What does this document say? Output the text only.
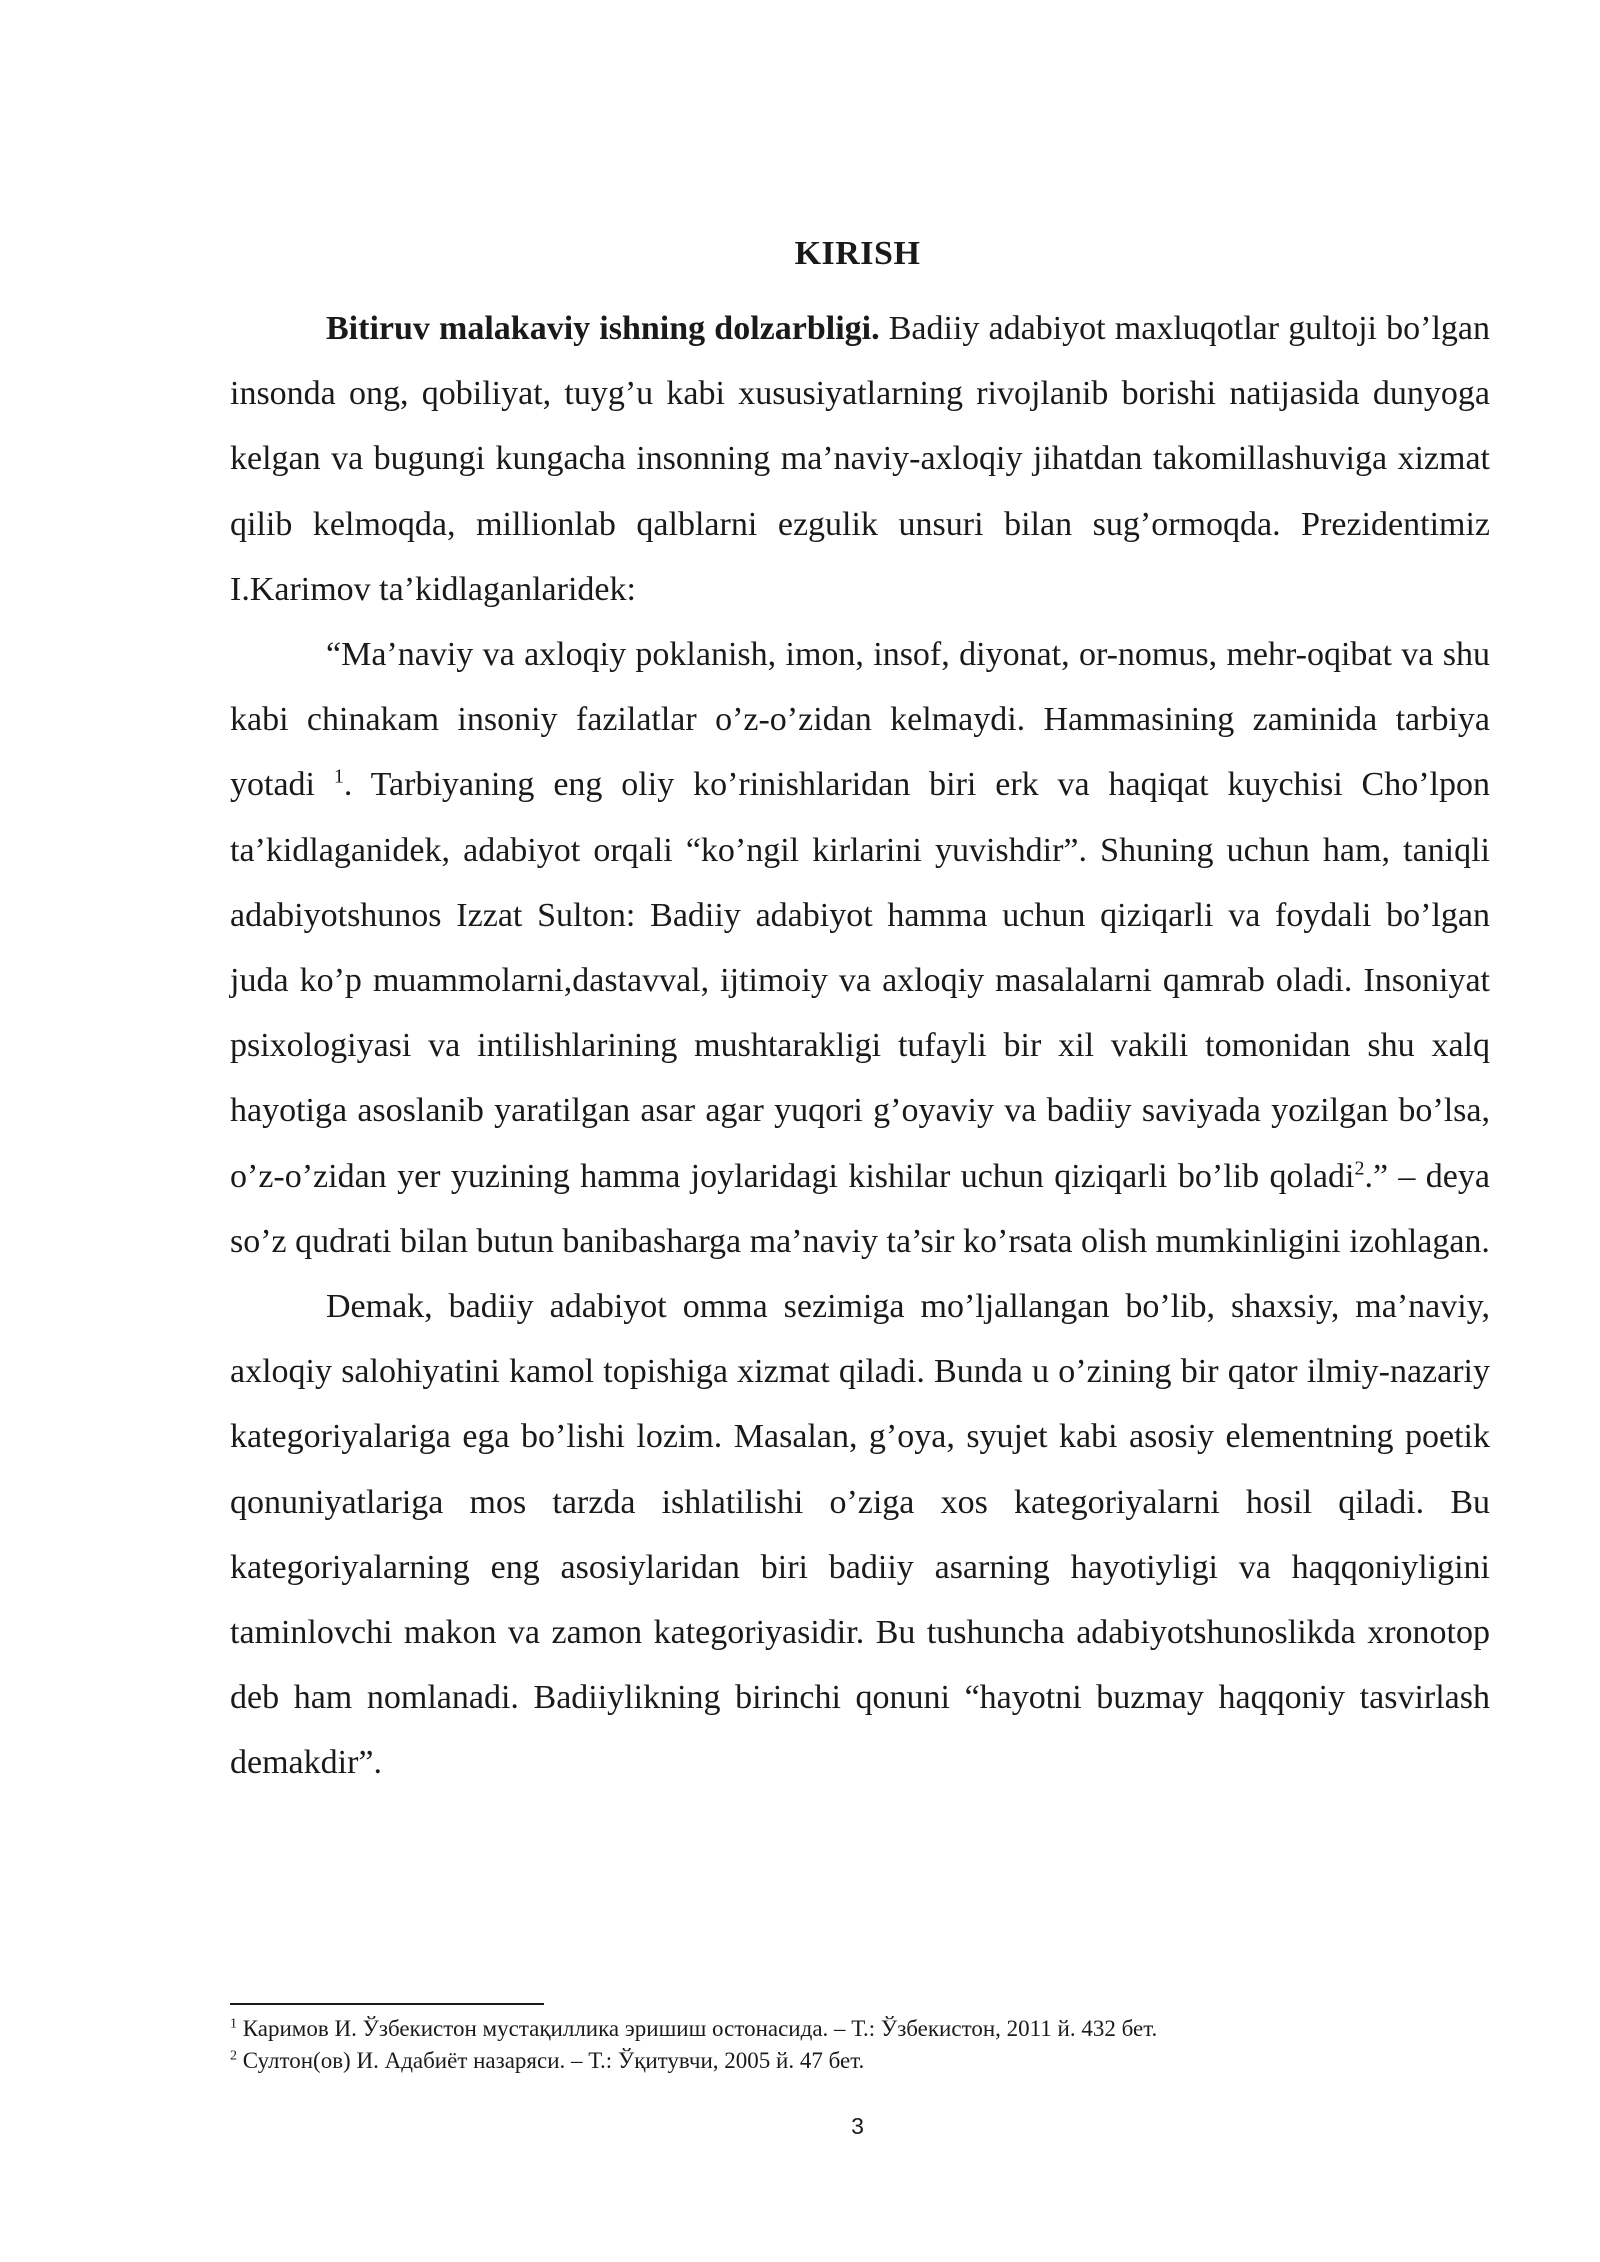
KIRISH

Bitiruv malakaviy ishning dolzarbligi. Badiiy adabiyot maxluqotlar gultoji bo’lgan insonda ong, qobiliyat, tuyg’u kabi xususiyatlarning rivojlanib borishi natijasida dunyoga kelgan va bugungi kungacha insonning ma’naviy-axloqiy jihatdan takomillashuviga xizmat qilib kelmoqda, millionlab qalblarni ezgulik unsuri bilan sug’ormoqda. Prezidentimiz I.Karimov ta’kidlaganlaridek:

“Ma’naviy va axloqiy poklanish, imon, insof, diyonat, or-nomus, mehr-oqibat va shu kabi chinakam insoniy fazilatlar o’z-o’zidan kelmaydi. Hammasining zaminida tarbiya yotadi $^1$. Tarbiyaning eng oliy ko’rinishlaridan biri erk va haqiqat kuychisi Cho’lpon ta’kidlaganidek, adabiyot orqali “ko’ngil kirlarini yuvishdir”. Shuning uchun ham, taniqli adabiyotshunos Izzat Sulton: Badiiy adabiyot hamma uchun qiziqarli va foydali bo’lgan juda ko’p muammolarni,dastavval, ijtimoiy va axloqiy masalalarni qamrab oladi. Insoniyat psixologiyasi va intilishlarining mushtarakligi tufayli bir xil vakili tomonidan shu xalq hayotiga asoslanib yaratilgan asar agar yuqori g’oyaviy va badiiy saviyada yozilgan bo’lsa, o’z-o’zidan yer yuzining hamma joylaridagi kishilar uchun qiziqarli bo’lib qoladi$^2$.” – deya so’z qudrati bilan butun banibasharga ma’naviy ta’sir ko’rsata olish mumkinligini izohlagan.

Demak, badiiy adabiyot omma sezimiga mo’ljallangan bo’lib, shaxsiy, ma’naviy, axloqiy salohiyatini kamol topishiga xizmat qiladi. Bunda u o’zining bir qator ilmiy-nazariy kategoriyalariga ega bo’lishi lozim. Masalan, g’oya, syujet kabi asosiy elementning poetik qonuniyatlariga mos tarzda ishlatilishi o’ziga xos kategoriyalarni hosil qiladi. Bu kategoriyalarning eng asosiylaridan biri badiiy asarning hayotiyligi va haqqoniyligini taminlovchi makon va zamon kategoriyasidir. Bu tushuncha adabiyotshunoslikda xronotop deb ham nomlanadi. Badiiylikning birinchi qonuni “hayotni buzmay haqqoniy tasvirlash demakdir”.

$^1$ Каримов И. Ўзбекистон мустақиллика эришиш остонасида. – Т.: Ўзбекистон, 2011 й. 432 бет.
$^2$ Султон(ов) И. Адабиёт назаряси. – Т.: Ўқитувчи, 2005 й. 47 бет.
3
